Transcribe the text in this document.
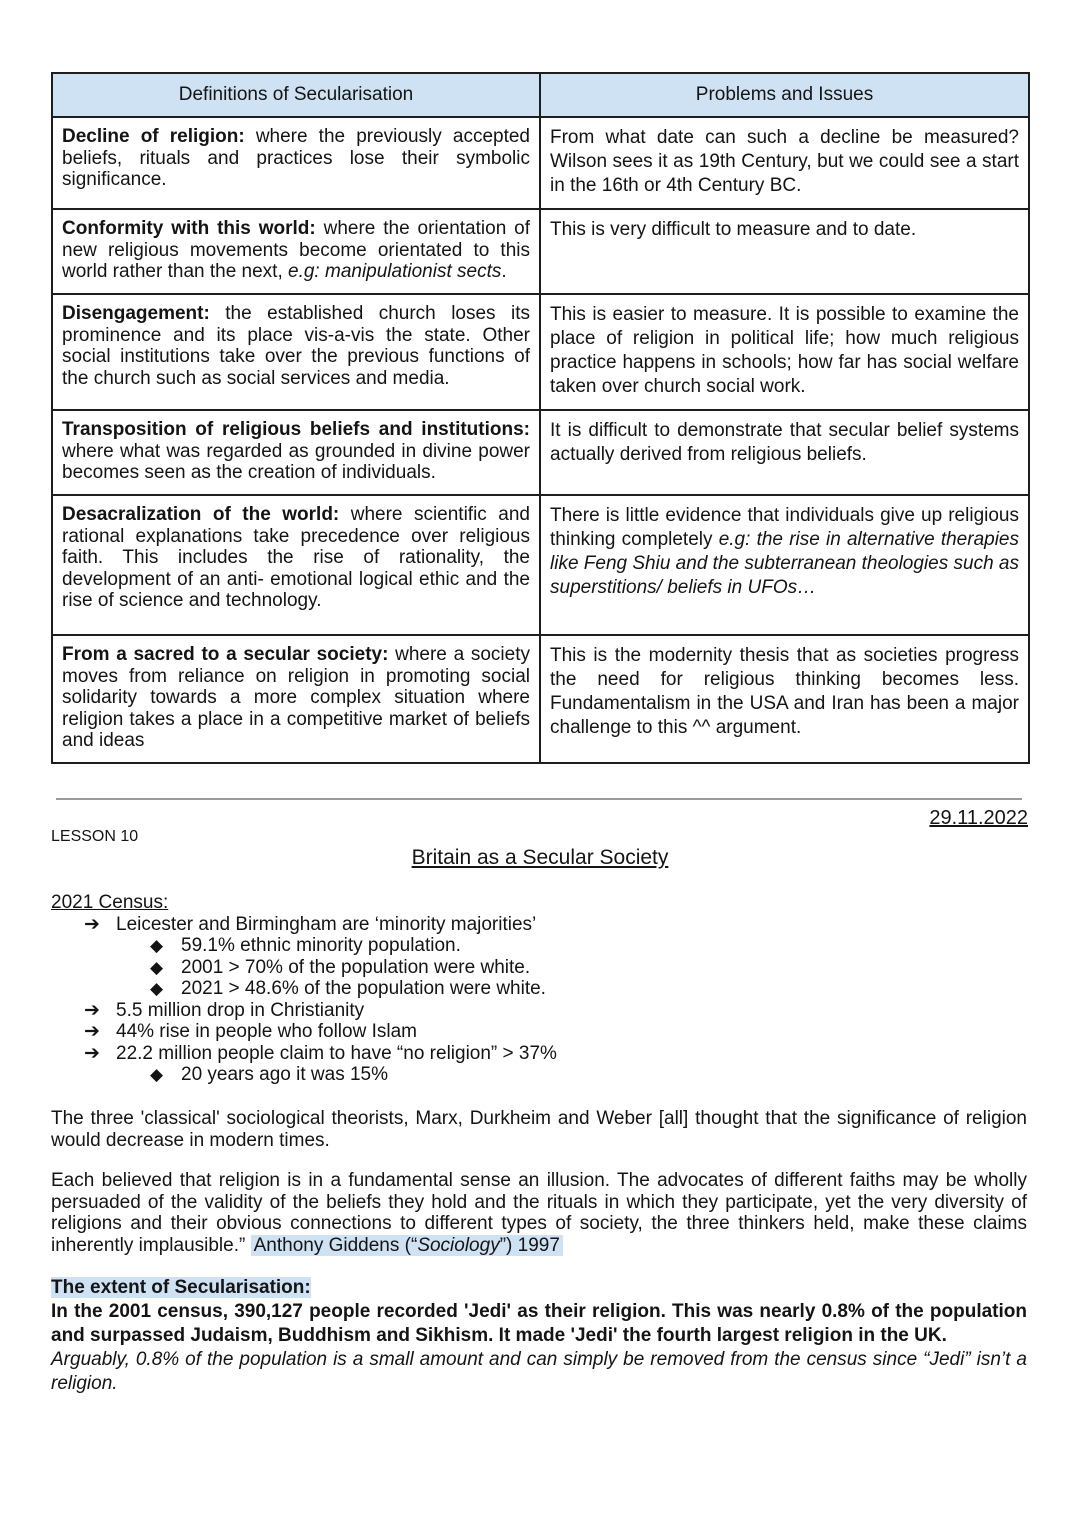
Definitions of Secularisation	Problems and Issues
Decline of religion: where the previously accepted beliefs, rituals and practices lose their symbolic significance.	From what date can such a decline be measured? Wilson sees it as 19th Century, but we could see a start in the 16th or 4th Century BC.
Conformity with this world: where the orientation of new religious movements become orientated to this world rather than the next, e.g: manipulationist sects.	This is very difficult to measure and to date.
Disengagement: the established church loses its prominence and its place vis-a-vis the state. Other social institutions take over the previous functions of the church such as social services and media.	This is easier to measure. It is possible to examine the place of religion in political life; how much religious practice happens in schools; how far has social welfare taken over church social work.
Transposition of religious beliefs and institutions: where what was regarded as grounded in divine power becomes seen as the creation of individuals.	It is difficult to demonstrate that secular belief systems actually derived from religious beliefs.
Desacralization of the world: where scientific and rational explanations take precedence over religious faith. This includes the rise of rationality, the development of an anti- emotional logical ethic and the rise of science and technology.	There is little evidence that individuals give up religious thinking completely e.g: the rise in alternative therapies like Feng Shiu and the subterranean theologies such as superstitions/ beliefs in UFOs…
From a sacred to a secular society: where a society moves from reliance on religion in promoting social solidarity towards a more complex situation where religion takes a place in a competitive market of beliefs and ideas	This is the modernity thesis that as societies progress the need for religious thinking becomes less. Fundamentalism in the USA and Iran has been a major challenge to this ^^ argument.
29.11.2022
LESSON 10
Britain as a Secular Society
2021 Census:
➔ Leicester and Birmingham are ‘minority majorities’
◆ 59.1% ethnic minority population.
◆ 2001 > 70% of the population were white.
◆ 2021 > 48.6% of the population were white.
➔ 5.5 million drop in Christianity
➔ 44% rise in people who follow Islam
➔ 22.2 million people claim to have “no religion” > 37%
◆ 20 years ago it was 15%
The three 'classical' sociological theorists, Marx, Durkheim and Weber [all] thought that the significance of religion would decrease in modern times.
Each believed that religion is in a fundamental sense an illusion. The advocates of different faiths may be wholly persuaded of the validity of the beliefs they hold and the rituals in which they participate, yet the very diversity of religions and their obvious connections to different types of society, the three thinkers held, make these claims inherently implausible.” Anthony Giddens (“Sociology”) 1997
The extent of Secularisation:
In the 2001 census, 390,127 people recorded 'Jedi' as their religion. This was nearly 0.8% of the population and surpassed Judaism, Buddhism and Sikhism. It made 'Jedi' the fourth largest religion in the UK.
Arguably, 0.8% of the population is a small amount and can simply be removed from the census since “Jedi” isn’t a religion.
